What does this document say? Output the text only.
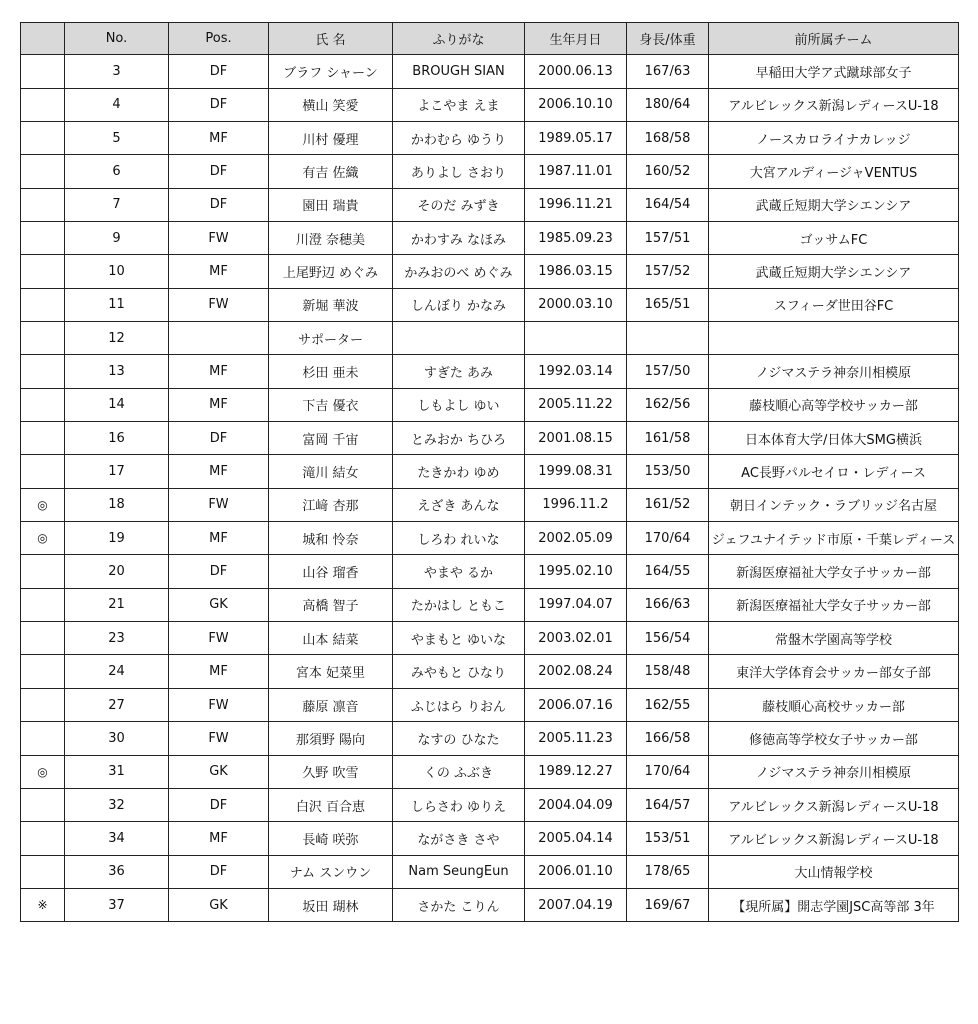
	No.	Pos.	氏 名	ふりがな	生年月日	身長/体重	前所属チーム
	3	DF	ブラフ シャーン	BROUGH SIAN	2000.06.13	167/63	早稲田大学ア式蹴球部女子
	4	DF	横山 笑愛	よこやま えま	2006.10.10	180/64	アルビレックス新潟レディースU-18
	5	MF	川村 優理	かわむら ゆうり	1989.05.17	168/58	ノースカロライナカレッジ
	6	DF	有吉 佐織	ありよし さおり	1987.11.01	160/52	大宮アルディージャVENTUS
	7	DF	園田 瑞貴	そのだ みずき	1996.11.21	164/54	武蔵丘短期大学シエンシア
	9	FW	川澄 奈穂美	かわすみ なほみ	1985.09.23	157/51	ゴッサムFC
	10	MF	上尾野辺 めぐみ	かみおのべ めぐみ	1986.03.15	157/52	武蔵丘短期大学シエンシア
	11	FW	新堀 華波	しんぼり かなみ	2000.03.10	165/51	スフィーダ世田谷FC
	12		サポーター				
	13	MF	杉田 亜未	すぎた あみ	1992.03.14	157/50	ノジマステラ神奈川相模原
	14	MF	下吉 優衣	しもよし ゆい	2005.11.22	162/56	藤枝順心高等学校サッカー部
	16	DF	富岡 千宙	とみおか ちひろ	2001.08.15	161/58	日本体育大学/日体大SMG横浜
	17	MF	滝川 結女	たきかわ ゆめ	1999.08.31	153/50	AC長野パルセイロ・レディース
◎	18	FW	江﨑 杏那	えざき あんな	1996.11.2	161/52	朝日インテック・ラブリッジ名古屋
◎	19	MF	城和 怜奈	しろわ れいな	2002.05.09	170/64	ジェフユナイテッド市原・千葉レディース
	20	DF	山谷 瑠香	やまや るか	1995.02.10	164/55	新潟医療福祉大学女子サッカー部
	21	GK	高橋 智子	たかはし ともこ	1997.04.07	166/63	新潟医療福祉大学女子サッカー部
	23	FW	山本 結菜	やまもと ゆいな	2003.02.01	156/54	常盤木学園高等学校
	24	MF	宮本 妃菜里	みやもと ひなり	2002.08.24	158/48	東洋大学体育会サッカー部女子部
	27	FW	藤原 凛音	ふじはら りおん	2006.07.16	162/55	藤枝順心高校サッカー部
	30	FW	那須野 陽向	なすの ひなた	2005.11.23	166/58	修徳高等学校女子サッカー部
◎	31	GK	久野 吹雪	くの ふぶき	1989.12.27	170/64	ノジマステラ神奈川相模原
	32	DF	白沢 百合恵	しらさわ ゆりえ	2004.04.09	164/57	アルビレックス新潟レディースU-18
	34	MF	長崎 咲弥	ながさき さや	2005.04.14	153/51	アルビレックス新潟レディースU-18
	36	DF	ナム スンウン	Nam SeungEun	2006.01.10	178/65	大山情報学校
※	37	GK	坂田 瑚林	さかた こりん	2007.04.19	169/67	【現所属】開志学園JSC高等部 3年
